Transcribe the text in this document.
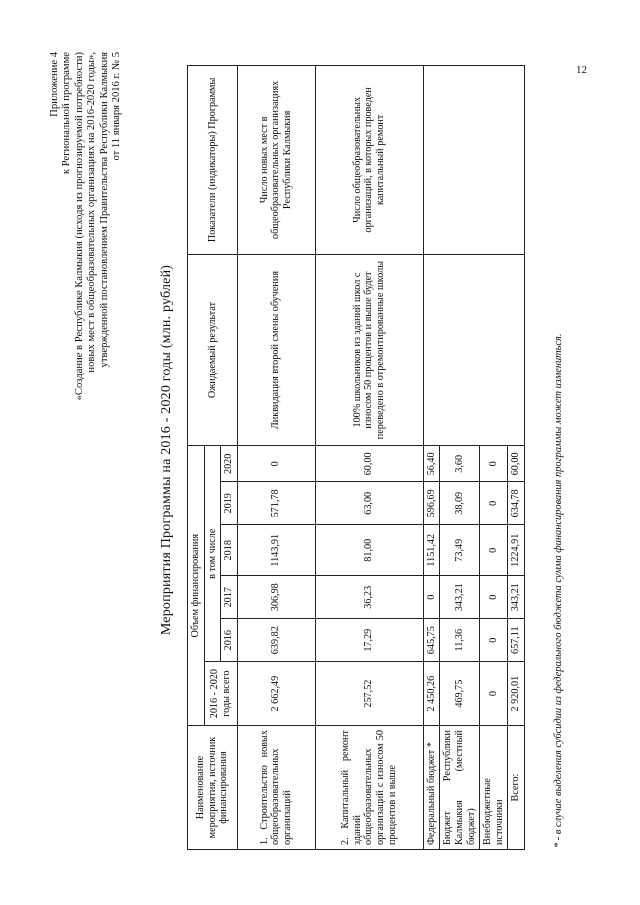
12
Приложение 4 к Региональной программе «Создание в Республике Калмыкия (исходя из прогнозируемой потребности) новых мест в общеобразовательных организациях на 2016-2020 годы», утвержденной постановлением Правительства Республики Калмыкия от 11 января 2016 г. № 5
Мероприятия Программы на 2016 - 2020 годы (млн. рублей)
Наименование мероприятия, источник финансирования	Объем финансирования						Ожидаемый результат	Показатели (индикаторы) Программы
	2016 - 2020 годы всего	в том числе						
		2016	2017	2018	2019	2020		
1. Строительство новых общеобразовательных организаций	2 662,49	639,82	306,98	1143,91	571,78	0	Ликвидация второй смены обучения	Число новых мест в общеобразовательных организациях Республики Калмыкия
2. Капитальный ремонт зданий общеобразовательных организаций с износом 50 процентов и выше	257,52	17,29	36,23	81,00	63,00	60,00	100% школьников из зданий школ с износом 50 процентов и выше будет переведено в отремонтированные школы	Число общеобразовательных организаций, в которых проведен капитальный ремонт
Федеральный бюджет *	2 450,26	645,75	0	1151,42	596,69	56,40		
Бюджет Республики Калмыкия (местный бюджет)	469,75	11,36	343,21	73,49	38,09	3,60		
Внебюджетные источники	0	0	0	0	0	0		
Всего:	2 920,01	657,11	343,21	1224,91	634,78	60,00			* - в случае выделения субсидии из федерального бюджета сумма финансирования программы может измениться.
